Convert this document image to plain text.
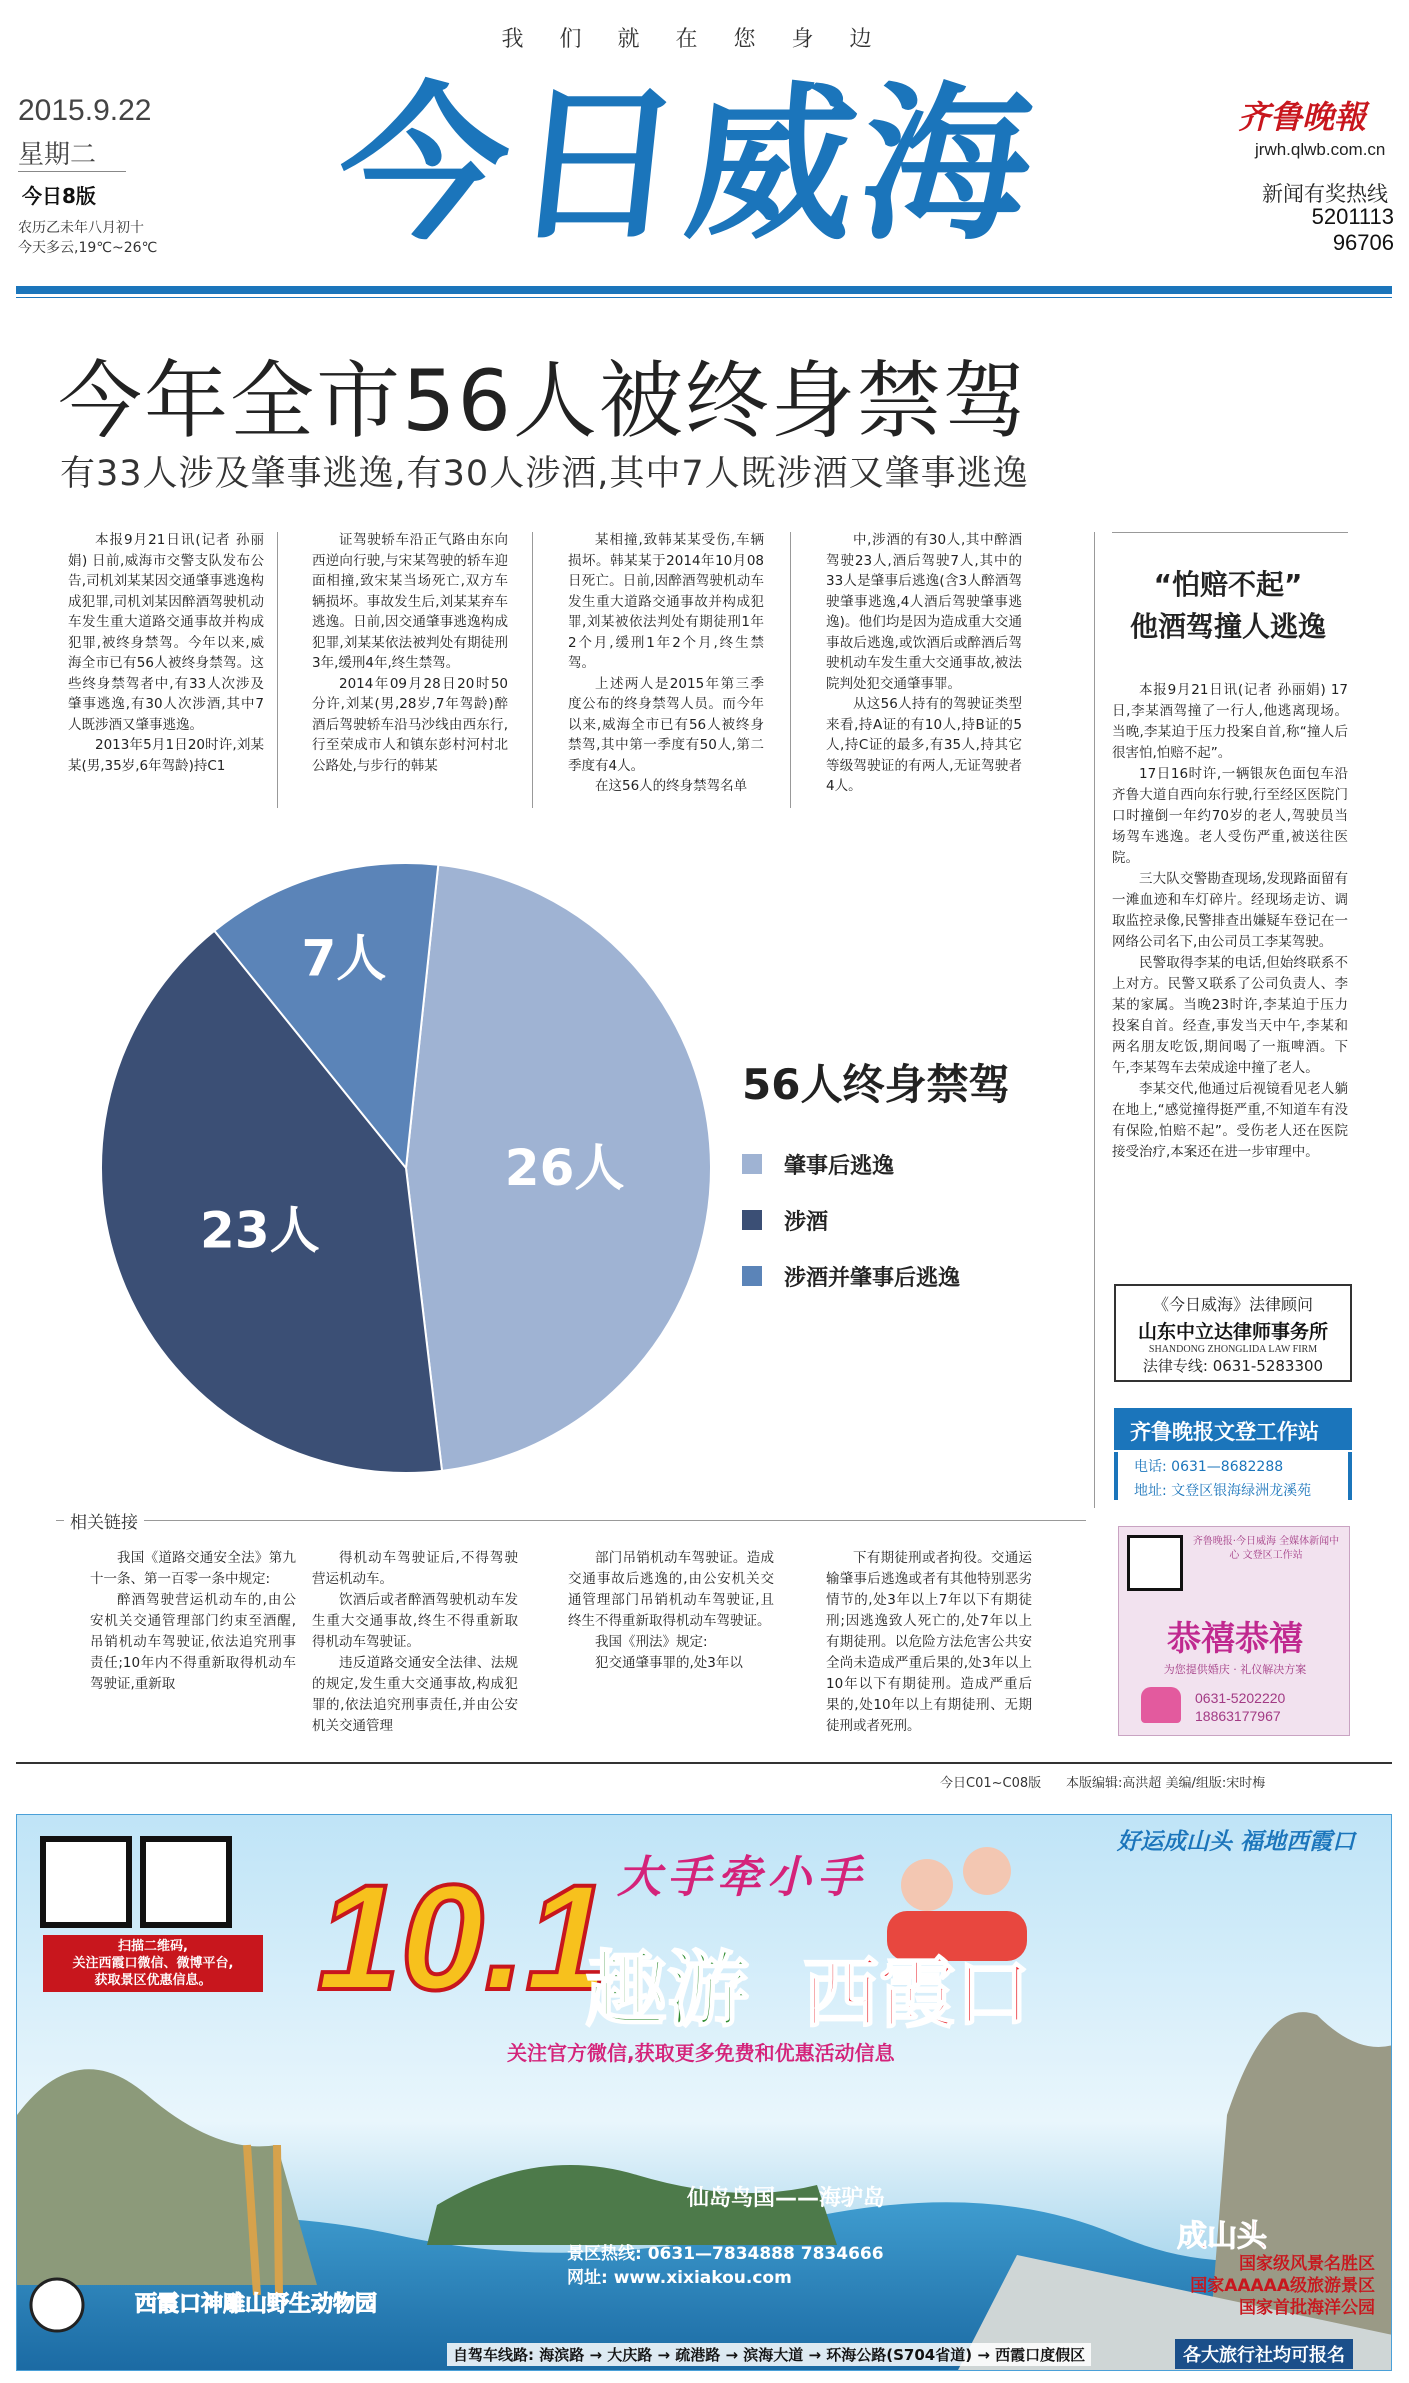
我们就在您身边
2015.9.22
星期二
今日8版
农历乙未年八月初十
今天多云,19℃~26℃ 今日威海	齐鲁晚報
jrwh.qlwb.com.cn
新闻有奖热线
5201113
96706
今年全市56人被终身禁驾
有33人涉及肇事逃逸,有30人涉酒,其中7人既涉酒又肇事逃逸

本报9月21日讯(记者 孙丽娟) 日前,威海市交警支队发布公告,司机刘某某因交通肇事逃逸构成犯罪,司机刘某因醉酒驾驶机动车发生重大道路交通事故并构成犯罪,被终身禁驾。今年以来,威海全市已有56人被终身禁驾。这些终身禁驾者中,有33人次涉及肇事逃逸,有30人次涉酒,其中7人既涉酒又肇事逃逸。

2013年5月1日20时许,刘某某(男,35岁,6年驾龄)持C1

证驾驶轿车沿正气路由东向西逆向行驶,与宋某驾驶的轿车迎面相撞,致宋某当场死亡,双方车辆损坏。事故发生后,刘某某弃车逃逸。日前,因交通肇事逃逸构成犯罪,刘某某依法被判处有期徒刑3年,缓刑4年,终生禁驾。

2014年09月28日20时50分许,刘某(男,28岁,7年驾龄)醉酒后驾驶轿车沿马沙线由西东行,行至荣成市人和镇东彭村河村北公路处,与步行的韩某

某相撞,致韩某某受伤,车辆损坏。韩某某于2014年10月08日死亡。日前,因醉酒驾驶机动车发生重大道路交通事故并构成犯罪,刘某被依法判处有期徒刑1年2个月,缓刑1年2个月,终生禁驾。

上述两人是2015年第三季度公布的终身禁驾人员。而今年以来,威海全市已有56人被终身禁驾,其中第一季度有50人,第二季度有4人。

在这56人的终身禁驾名单

中,涉酒的有30人,其中醉酒驾驶23人,酒后驾驶7人,其中的33人是肇事后逃逸(含3人醉酒驾驶肇事逃逸,4人酒后驾驶肇事逃逸)。他们均是因为造成重大交通事故后逃逸,或饮酒后或醉酒后驾驶机动车发生重大交通事故,被法院判处犯交通肇事罪。

从这56人持有的驾驶证类型来看,持A证的有10人,持B证的5人,持C证的最多,有35人,持其它等级驾驶证的有两人,无证驾驶者4人。

“怕赔不起”
他酒驾撞人逃逸

本报9月21日讯(记者 孙丽娟) 17日,李某酒驾撞了一行人,他逃离现场。当晚,李某迫于压力投案自首,称“撞人后很害怕,怕赔不起”。

17日16时许,一辆银灰色面包车沿齐鲁大道自西向东行驶,行至经区医院门口时撞倒一年约70岁的老人,驾驶员当场驾车逃逸。老人受伤严重,被送往医院。

三大队交警勘查现场,发现路面留有一滩血迹和车灯碎片。经现场走访、调取监控录像,民警排查出嫌疑车登记在一网络公司名下,由公司员工李某驾驶。

民警取得李某的电话,但始终联系不上对方。民警又联系了公司负责人、李某的家属。当晚23时许,李某迫于压力投案自首。经查,事发当天中午,李某和两名朋友吃饭,期间喝了一瓶啤酒。下午,李某驾车去荣成途中撞了老人。

李某交代,他通过后视镜看见老人躺在地上,“感觉撞得挺严重,不知道车有没有保险,怕赔不起”。受伤老人还在医院接受治疗,本案还在进一步审理中。

26人
23人
7人
56人终身禁驾
肇事后逃逸
涉酒
涉酒并肇事后逃逸
相关链接

我国《道路交通安全法》第九十一条、第一百零一条中规定:

醉酒驾驶营运机动车的,由公安机关交通管理部门约束至酒醒,吊销机动车驾驶证,依法追究刑事责任;10年内不得重新取得机动车驾驶证,重新取

得机动车驾驶证后,不得驾驶营运机动车。

饮酒后或者醉酒驾驶机动车发生重大交通事故,终生不得重新取得机动车驾驶证。

违反道路交通安全法律、法规的规定,发生重大交通事故,构成犯罪的,依法追究刑事责任,并由公安机关交通管理

部门吊销机动车驾驶证。造成交通事故后逃逸的,由公安机关交通管理部门吊销机动车驾驶证,且终生不得重新取得机动车驾驶证。

我国《刑法》规定:

犯交通肇事罪的,处3年以

下有期徒刑或者拘役。交通运输肇事后逃逸或者有其他特别恶劣情节的,处3年以上7年以下有期徒刑;因逃逸致人死亡的,处7年以上有期徒刑。以危险方法危害公共安全尚未造成严重后果的,处3年以上10年以下有期徒刑。造成严重后果的,处10年以上有期徒刑、无期徒刑或者死刑。

《今日威海》法律顾问
山东中立达律师事务所
SHANDONG ZHONGLIDA LAW FIRM
法律专线: 0631-5283300
齐鲁晚报文登工作站
电话: 0631—8682288
地址: 文登区银海绿洲龙溪苑
齐鲁晚报·今日威海 全媒体新闻中心 文登区工作站
恭禧恭禧
为您提供婚庆 · 礼仪解决方案
0631-5202220
18863177967
今日C01~C08版 本版编辑:高洪超 美编/组版:宋时梅
扫描二维码,
关注西霞口微信、微博平台,
获取景区优惠信息。
好运成山头 福地西霞口
10.1 大手牵小手
趣游 西霞口
关注官方微信,获取更多免费和优惠活动信息
仙岛鸟国——海驴岛
景区热线: 0631—7834888 7834666
网址: www.xixiakou.com
西霞口神雕山野生动物园
成山头
国家级风景名胜区
国家AAAAA级旅游景区
国家首批海洋公园
自驾车线路: 海滨路 → 大庆路 → 疏港路 → 滨海大道 → 环海公路(S704省道) → 西霞口度假区	各大旅行社均可报名
